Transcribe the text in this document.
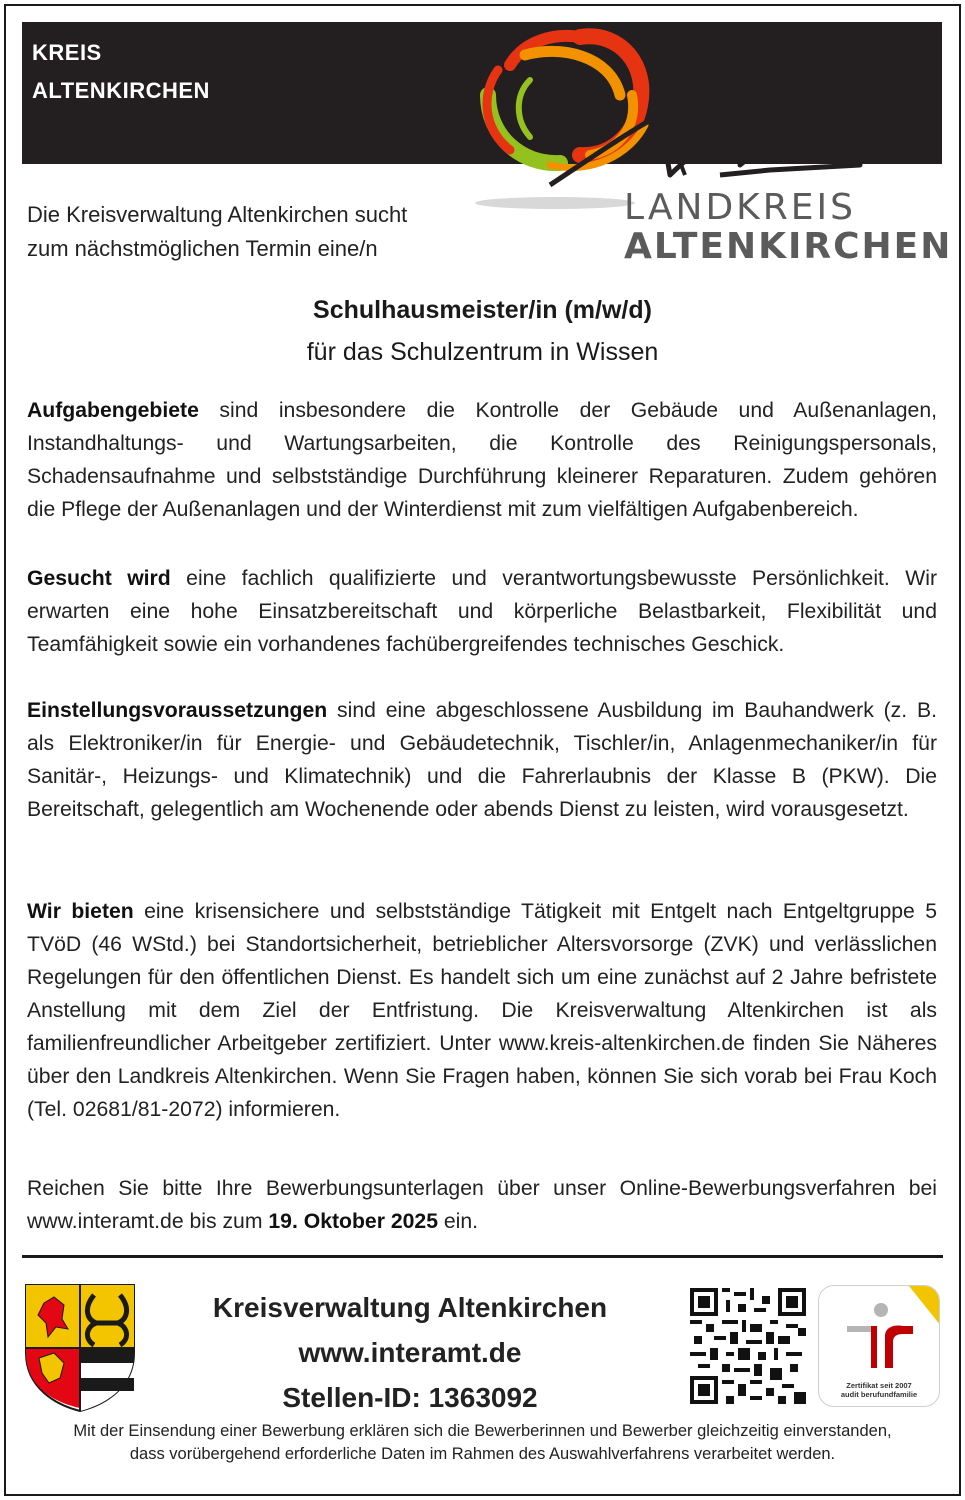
KREIS
ALTENKIRCHEN
Die Kreisverwaltung Altenkirchen sucht
zum nächstmöglichen Termin eine/n
LANDKREIS
ALTENKIRCHEN
Schulhausmeister/in (m/w/d)
für das Schulzentrum in Wissen
Aufgabengebiete sind insbesondere die Kontrolle der Gebäude und Außenanlagen, Instandhaltungs- und Wartungsarbeiten, die Kontrolle des Reinigungspersonals, Schadensaufnahme und selbstständige Durchführung kleinerer Reparaturen. Zudem gehören die Pflege der Außenanlagen und der Winterdienst mit zum vielfältigen Aufgabenbereich.
Gesucht wird eine fachlich qualifizierte und verantwortungsbewusste Persönlichkeit. Wir erwarten eine hohe Einsatzbereitschaft und körperliche Belastbarkeit, Flexibilität und Teamfähigkeit sowie ein vorhandenes fachübergreifendes technisches Geschick.
Einstellungsvoraussetzungen sind eine abgeschlossene Ausbildung im Bauhandwerk (z. B. als Elektroniker/in für Energie- und Gebäudetechnik, Tischler/in, Anlagenmechaniker/in für Sanitär-, Heizungs- und Klimatechnik) und die Fahrerlaubnis der Klasse B (PKW). Die Bereitschaft, gelegentlich am Wochenende oder abends Dienst zu leisten, wird vorausgesetzt.
Wir bieten eine krisensichere und selbstständige Tätigkeit mit Entgelt nach Entgeltgruppe 5 TVöD (46 WStd.) bei Standortsicherheit, betrieblicher Altersvorsorge (ZVK) und verlässlichen Regelungen für den öffentlichen Dienst. Es handelt sich um eine zunächst auf 2 Jahre befristete Anstellung mit dem Ziel der Entfristung. Die Kreisverwaltung Altenkirchen ist als familienfreundlicher Arbeitgeber zertifiziert. Unter www.kreis-altenkirchen.de finden Sie Näheres über den Landkreis Altenkirchen. Wenn Sie Fragen haben, können Sie sich vorab bei Frau Koch (Tel. 02681/81-2072) informieren.
Reichen Sie bitte Ihre Bewerbungsunterlagen über unser Online-Bewerbungsverfahren bei www.interamt.de bis zum 19. Oktober 2025 ein.
Kreisverwaltung Altenkirchen
www.interamt.de
Stellen-ID: 1363092	Zertifikat seit 2007
audit berufundfamilie
Mit der Einsendung einer Bewerbung erklären sich die Bewerberinnen und Bewerber gleichzeitig einverstanden,
dass vorübergehend erforderliche Daten im Rahmen des Auswahlverfahrens verarbeitet werden.
